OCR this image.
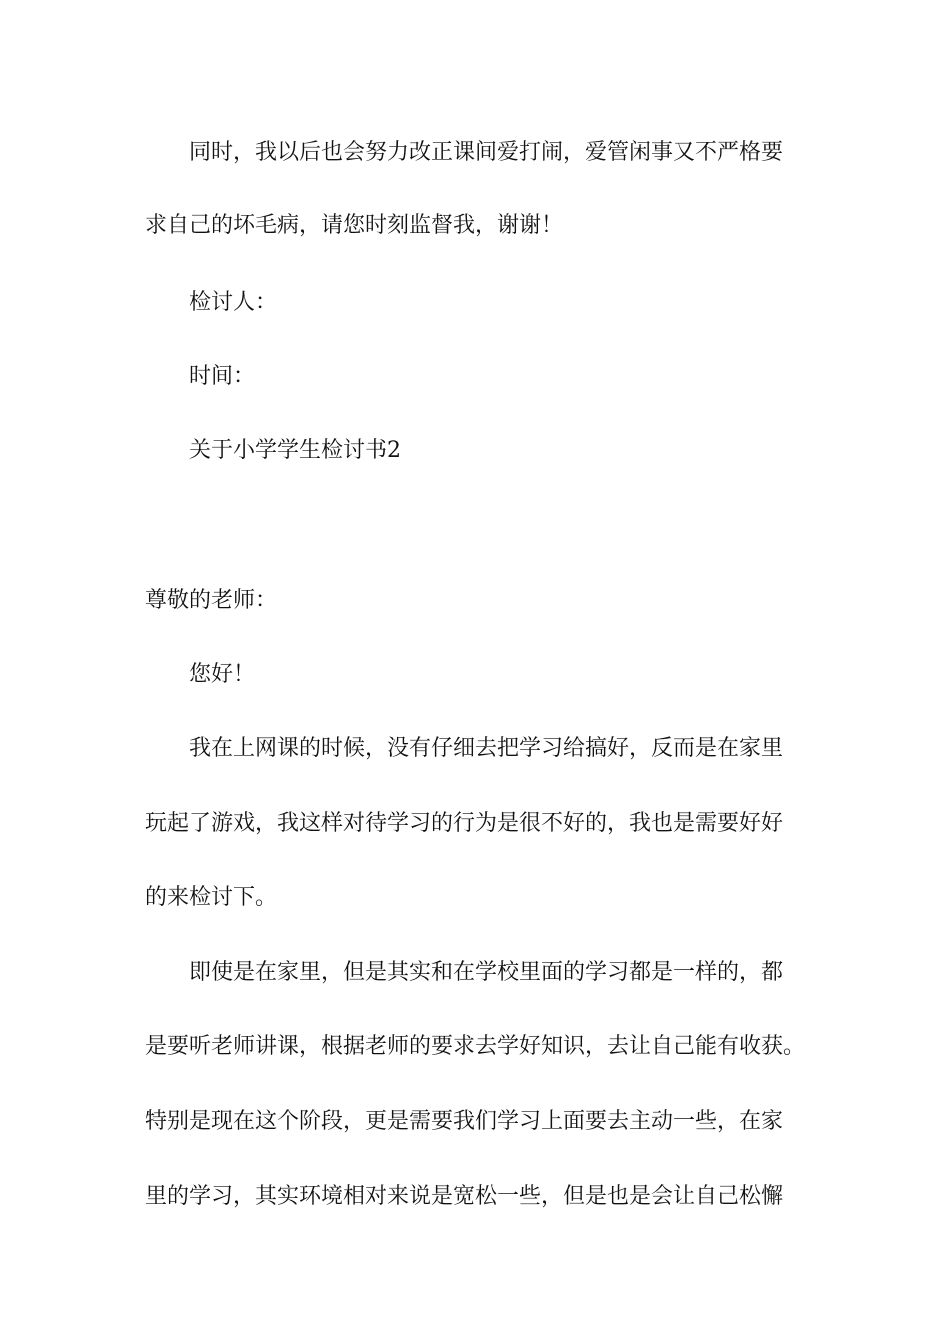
同时，我以后也会努力改正课间爱打闹，爱管闲事又不严格要
求自己的坏毛病，请您时刻监督我，谢谢！
检讨人：
时间：
关于小学学生检讨书2
尊敬的老师：
您好！
我在上网课的时候，没有仔细去把学习给搞好，反而是在家里
玩起了游戏，我这样对待学习的行为是很不好的，我也是需要好好
的来检讨下。
即使是在家里，但是其实和在学校里面的学习都是一样的，都
是要听老师讲课，根据老师的要求去学好知识，去让自己能有收获。
特别是现在这个阶段，更是需要我们学习上面要去主动一些，在家
里的学习，其实环境相对来说是宽松一些，但是也是会让自己松懈
